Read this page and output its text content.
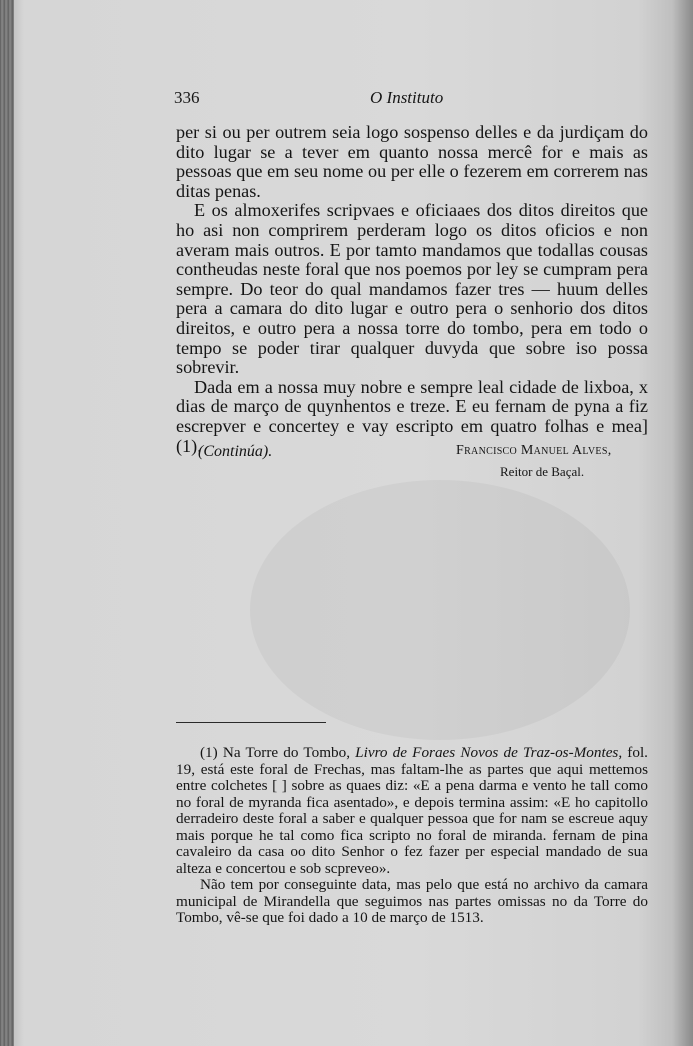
336	O Instituto

per si ou per outrem seia logo sospenso delles e da jurdiçam do dito lugar se a tever em quanto nossa mercê for e mais as pessoas que em seu nome ou per elle o fezerem em correrem nas ditas penas.

E os almoxerifes scripvaes e oficiaaes dos ditos direitos que ho asi non comprirem perderam logo os ditos oficios e non averam mais outros. E por tamto mandamos que todallas cousas contheudas neste foral que nos poemos por ley se cumpram pera sempre. Do teor do qual mandamos fazer tres — huum delles pera a camara do dito lugar e outro pera o senhorio dos ditos direitos, e outro pera a nossa torre do tombo, pera em todo o tempo se poder tirar qualquer duvyda que sobre iso possa sobrevir.

Dada em a nossa muy nobre e sempre leal cidade de lixboa, x dias de março de quynhentos e treze. E eu fernam de pyna a fiz escrepver e concertey e vay escripto em quatro folhas e mea] (1).

(Continúa).	Francisco Manuel Alves,
Reitor de Baçal.

(1) Na Torre do Tombo, Livro de Foraes Novos de Traz-os-Montes, fol. 19, está este foral de Frechas, mas faltam-lhe as partes que aqui mettemos entre colchetes [ ] sobre as quaes diz: «E a pena darma e vento he tall como no foral de myranda fica asentado», e depois termina assim: «E ho capitollo derradeiro deste foral a saber e qualquer pessoa que for nam se escreue aquy mais porque he tal como fica scripto no foral de miranda. fernam de pina cavaleiro da casa oo dito Senhor o fez fazer per especial mandado de sua alteza e concertou e sob scpreveo».

Não tem por conseguinte data, mas pelo que está no archivo da camara municipal de Mirandella que seguimos nas partes omissas no da Torre do Tombo, vê-se que foi dado a 10 de março de 1513.
